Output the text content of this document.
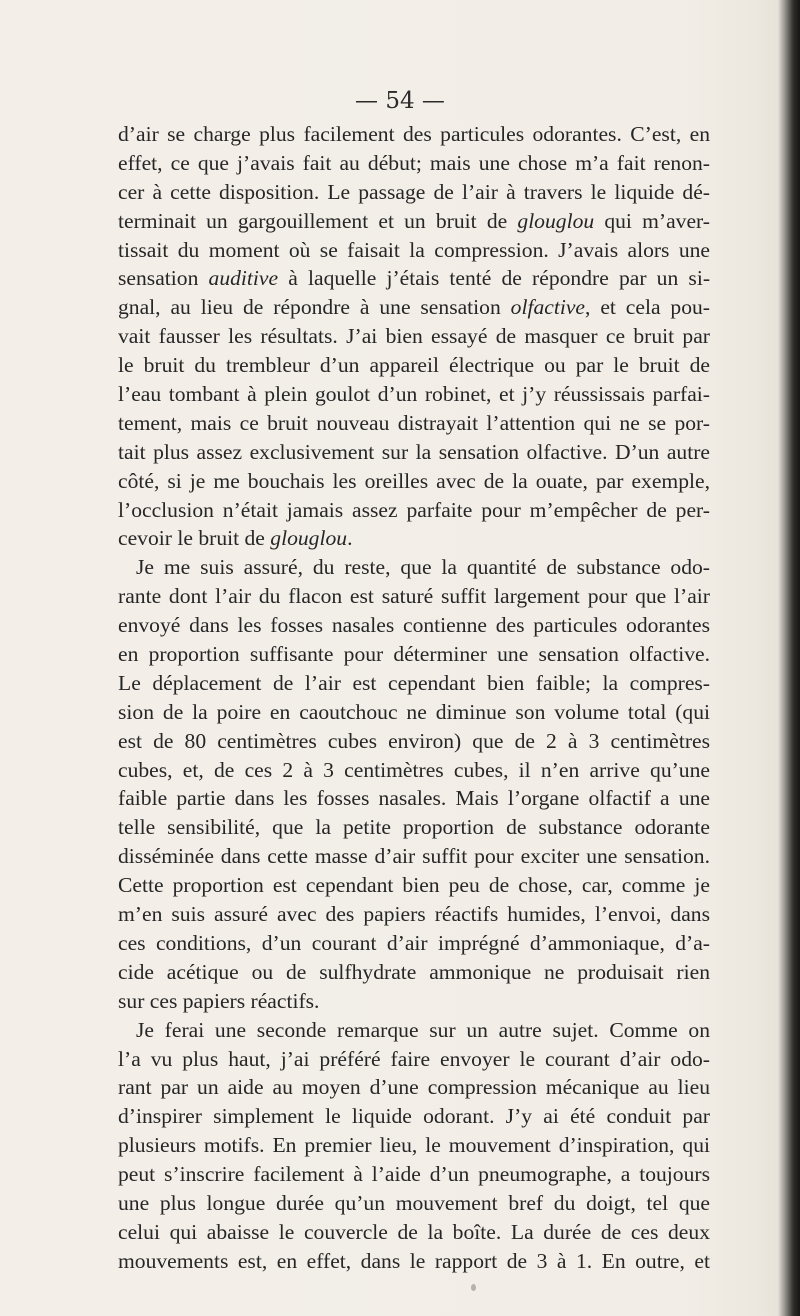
— 54 —

d’air se charge plus facilement des particules odorantes. C’est, en
effet, ce que j’avais fait au début; mais une chose m’a fait renon-
cer à cette disposition. Le passage de l’air à travers le liquide dé-
terminait un gargouillement et un bruit de glouglou qui m’aver-
tissait du moment où se faisait la compression. J’avais alors une
sensation auditive à laquelle j’étais tenté de répondre par un si-
gnal, au lieu de répondre à une sensation olfactive, et cela pou-
vait fausser les résultats. J’ai bien essayé de masquer ce bruit par
le bruit du trembleur d’un appareil électrique ou par le bruit de
l’eau tombant à plein goulot d’un robinet, et j’y réussissais parfai-
tement, mais ce bruit nouveau distrayait l’attention qui ne se por-
tait plus assez exclusivement sur la sensation olfactive. D’un autre
côté, si je me bouchais les oreilles avec de la ouate, par exemple,
l’occlusion n’était jamais assez parfaite pour m’empêcher de per-
cevoir le bruit de glouglou.
Je me suis assuré, du reste, que la quantité de substance odo-
rante dont l’air du flacon est saturé suffit largement pour que l’air
envoyé dans les fosses nasales contienne des particules odorantes
en proportion suffisante pour déterminer une sensation olfactive.
Le déplacement de l’air est cependant bien faible; la compres-
sion de la poire en caoutchouc ne diminue son volume total (qui
est de 80 centimètres cubes environ) que de 2 à 3 centimètres
cubes, et, de ces 2 à 3 centimètres cubes, il n’en arrive qu’une
faible partie dans les fosses nasales. Mais l’organe olfactif a une
telle sensibilité, que la petite proportion de substance odorante
disséminée dans cette masse d’air suffit pour exciter une sensation.
Cette proportion est cependant bien peu de chose, car, comme je
m’en suis assuré avec des papiers réactifs humides, l’envoi, dans
ces conditions, d’un courant d’air imprégné d’ammoniaque, d’a-
cide acétique ou de sulfhydrate ammonique ne produisait rien
sur ces papiers réactifs.
Je ferai une seconde remarque sur un autre sujet. Comme on
l’a vu plus haut, j’ai préféré faire envoyer le courant d’air odo-
rant par un aide au moyen d’une compression mécanique au lieu
d’inspirer simplement le liquide odorant. J’y ai été conduit par
plusieurs motifs. En premier lieu, le mouvement d’inspiration, qui
peut s’inscrire facilement à l’aide d’un pneumographe, a toujours
une plus longue durée qu’un mouvement bref du doigt, tel que
celui qui abaisse le couvercle de la boîte. La durée de ces deux
mouvements est, en effet, dans le rapport de 3 à 1. En outre, et
